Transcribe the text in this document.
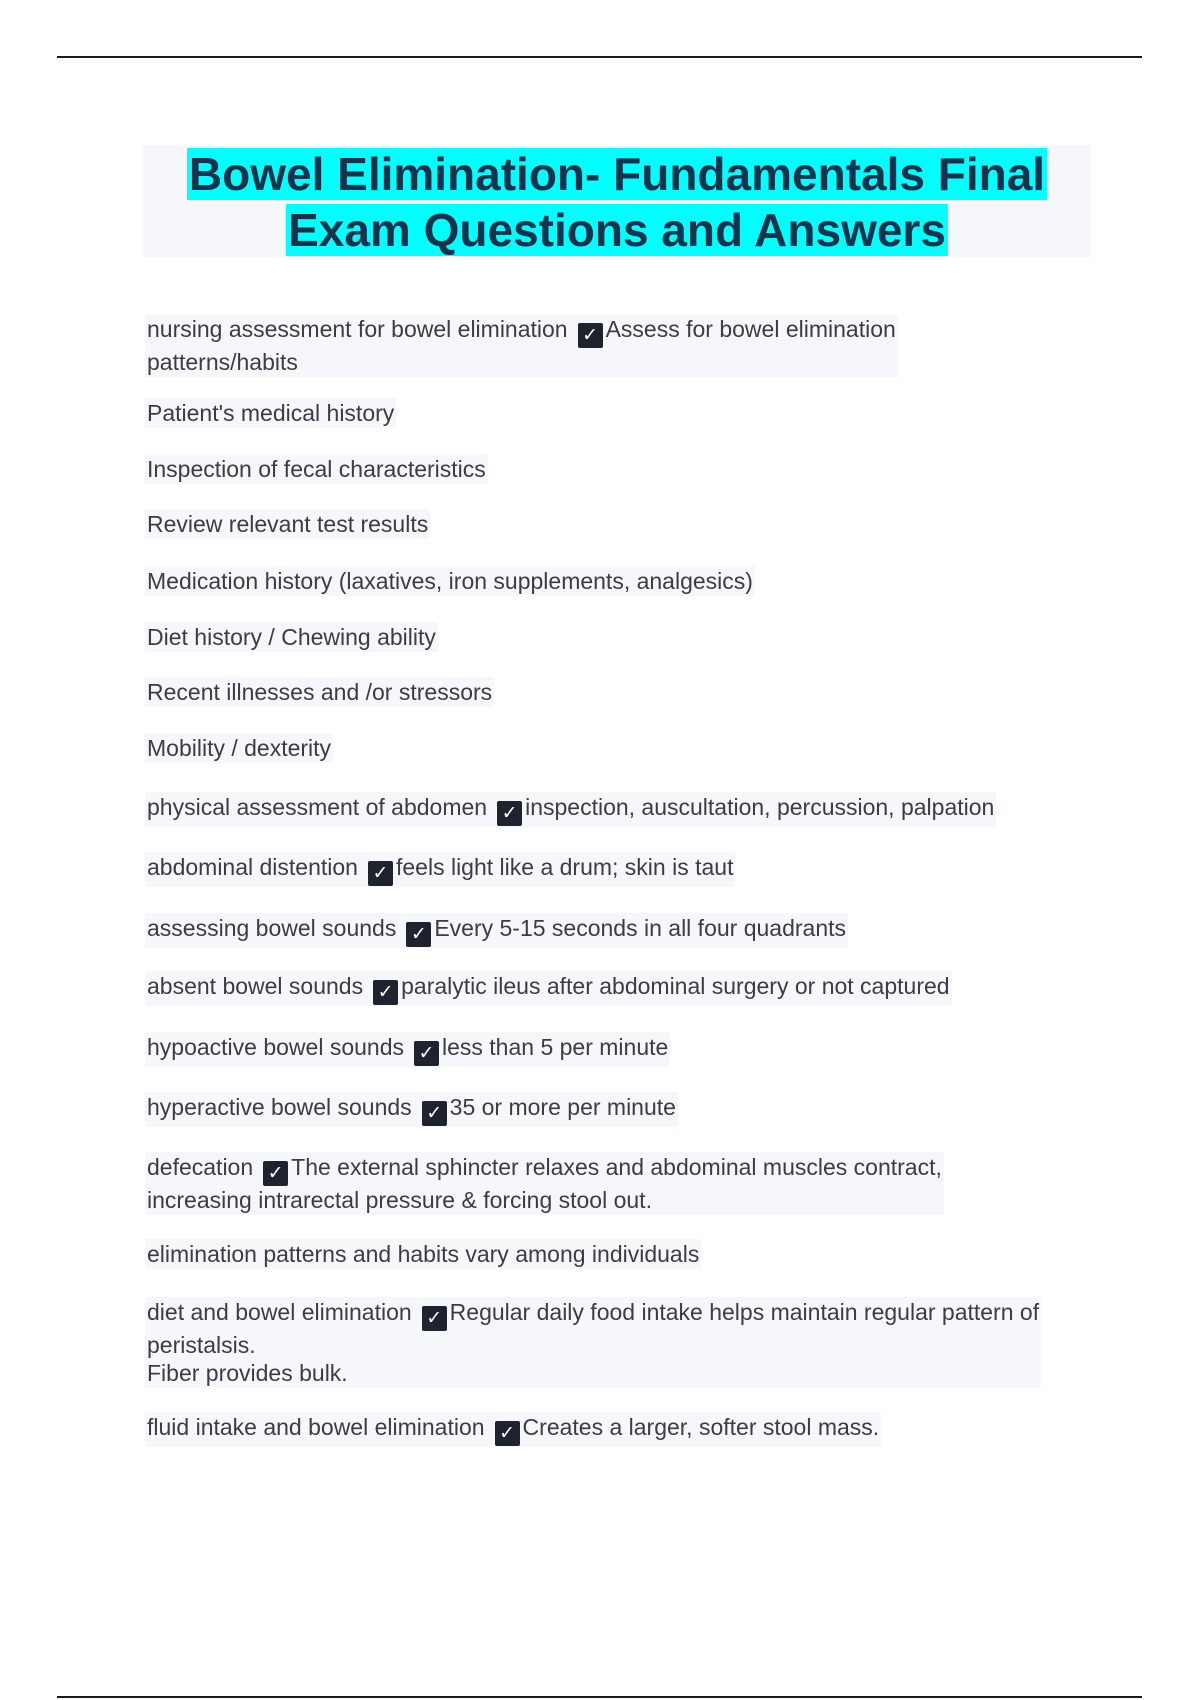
Bowel Elimination- Fundamentals Final
Exam Questions and Answers
nursing assessment for bowel elimination ✓ Assess for bowel elimination
patterns/habits
Patient's medical history
Inspection of fecal characteristics
Review relevant test results
Medication history (laxatives, iron supplements, analgesics)
Diet history / Chewing ability
Recent illnesses and /or stressors
Mobility / dexterity
physical assessment of abdomen ✓ inspection, auscultation, percussion, palpation
abdominal distention ✓ feels light like a drum; skin is taut
assessing bowel sounds ✓ Every 5-15 seconds in all four quadrants
absent bowel sounds ✓ paralytic ileus after abdominal surgery or not captured
hypoactive bowel sounds ✓ less than 5 per minute
hyperactive bowel sounds ✓ 35 or more per minute
defecation ✓ The external sphincter relaxes and abdominal muscles contract,
increasing intrarectal pressure & forcing stool out.
elimination patterns and habits vary among individuals
diet and bowel elimination ✓ Regular daily food intake helps maintain regular pattern of
peristalsis.
Fiber provides bulk.
fluid intake and bowel elimination ✓ Creates a larger, softer stool mass.
